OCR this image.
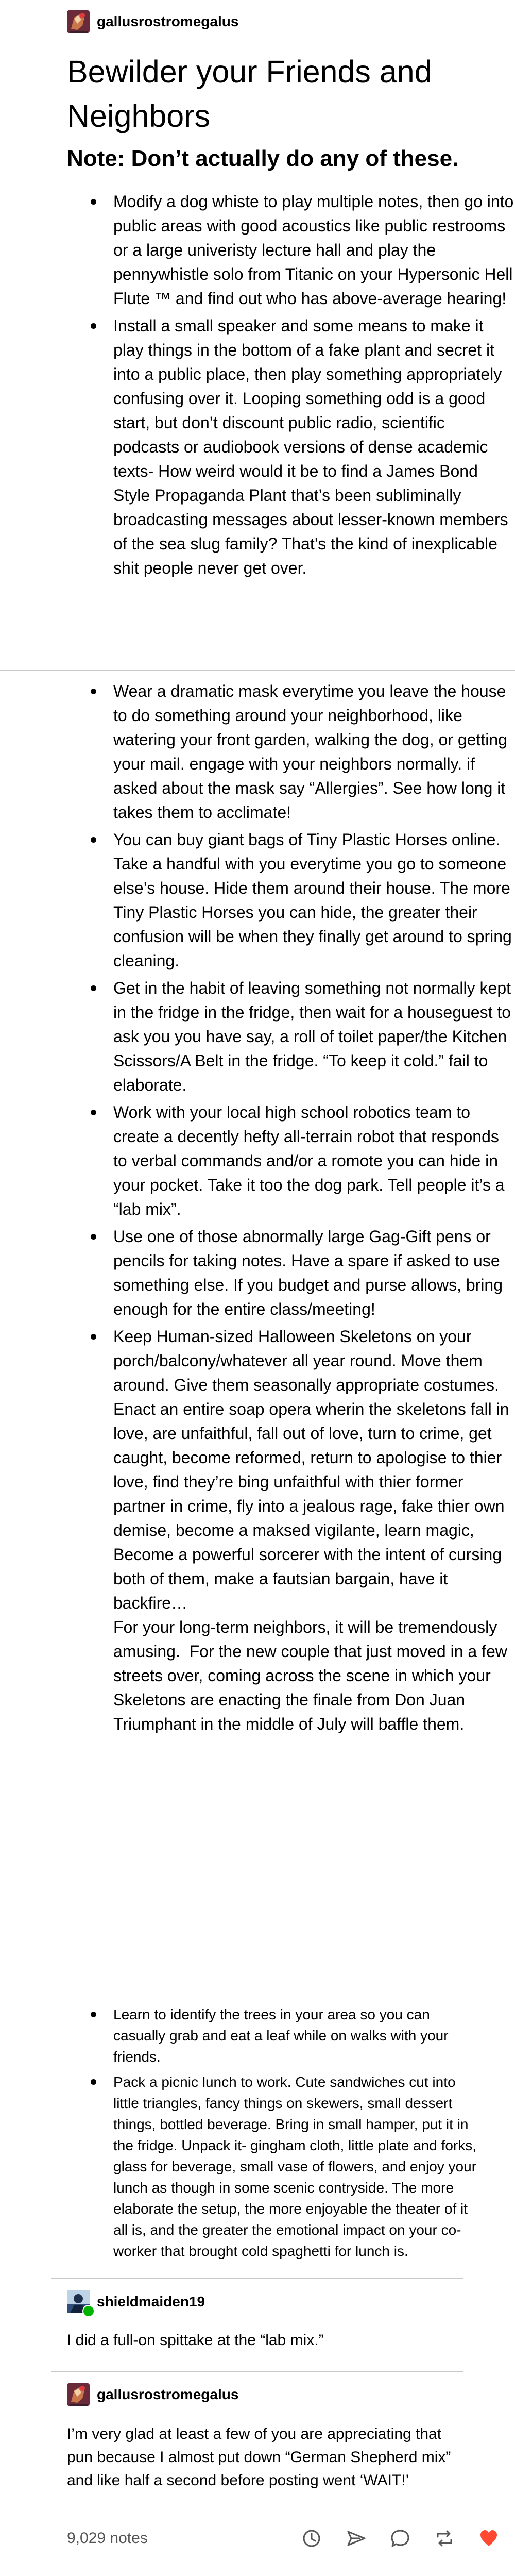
gallusrostromegalus
Bewilder your Friends and Neighbors
Note: Don’t actually do any of these.
Modify a dog whiste to play multiple notes, then go into public areas with good acoustics like public restrooms or a large univeristy lecture hall and play the pennywhistle solo from Titanic on your Hypersonic Hell Flute ™ and find out who has above-average hearing!
Install a small speaker and some means to make it play things in the bottom of a fake plant and secret it into a public place, then play something appropriately confusing over it. Looping something odd is a good start, but don’t discount public radio, scientific podcasts or audiobook versions of dense academic texts- How weird would it be to find a James Bond Style Propaganda Plant that’s been subliminally broadcasting messages about lesser-known members of the sea slug family? That’s the kind of inexplicable shit people never get over.
Wear a dramatic mask everytime you leave the house to do something around your neighborhood, like watering your front garden, walking the dog, or getting your mail. engage with your neighbors normally. if asked about the mask say “Allergies”. See how long it takes them to acclimate!
You can buy giant bags of Tiny Plastic Horses online. Take a handful with you everytime you go to someone else’s house. Hide them around their house. The more Tiny Plastic Horses you can hide, the greater their confusion will be when they finally get around to spring cleaning.
Get in the habit of leaving something not normally kept in the fridge in the fridge, then wait for a houseguest to ask you you have say, a roll of toilet paper/the Kitchen Scissors/A Belt in the fridge. “To keep it cold.” fail to elaborate.
Work with your local high school robotics team to create a decently hefty all-terrain robot that responds to verbal commands and/or a romote you can hide in your pocket. Take it too the dog park. Tell people it’s a “lab mix”.
Use one of those abnormally large Gag-Gift pens or pencils for taking notes. Have a spare if asked to use something else. If you budget and purse allows, bring enough for the entire class/meeting!
Keep Human-sized Halloween Skeletons on your porch/balcony/whatever all year round. Move them around. Give them seasonally appropriate costumes. Enact an entire soap opera wherin the skeletons fall in love, are unfaithful, fall out of love, turn to crime, get caught, become reformed, return to apologise to thier love, find they’re bing unfaithful with thier former partner in crime, fly into a jealous rage, fake thier own demise, become a maksed vigilante, learn magic, Become a powerful sorcerer with the intent of cursing both of them, make a fautsian bargain, have it backfire…
For your long-term neighbors, it will be tremendously amusing.  For the new couple that just moved in a few streets over, coming across the scene in which your Skeletons are enacting the finale from Don Juan Triumphant in the middle of July will baffle them.
Learn to identify the trees in your area so you can casually grab and eat a leaf while on walks with your friends.
Pack a picnic lunch to work. Cute sandwiches cut into little triangles, fancy things on skewers, small dessert things, bottled beverage. Bring in small hamper, put it in the fridge. Unpack it- gingham cloth, little plate and forks, glass for beverage, small vase of flowers, and enjoy your lunch as though in some scenic contryside. The more elaborate the setup, the more enjoyable the theater of it all is, and the greater the emotional impact on your co-worker that brought cold spaghetti for lunch is.
shieldmaiden19

I did a full-on spittake at the “lab mix.”

gallusrostromegalus

I’m very glad at least a few of you are appreciating that pun because I almost put down “German Shepherd mix” and like half a second before posting went ‘WAIT!’

9,029 notes
